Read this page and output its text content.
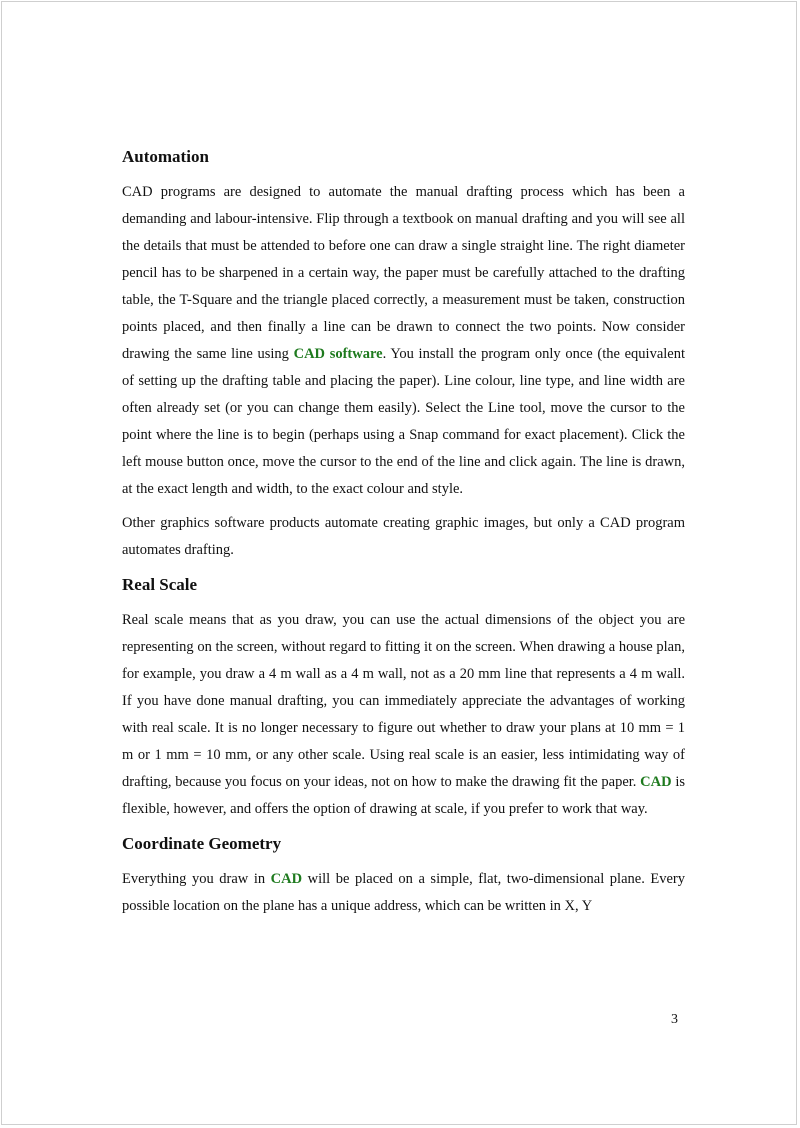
Automation

CAD programs are designed to automate the manual drafting process which has been a demanding and labour-intensive. Flip through a textbook on manual drafting and you will see all the details that must be attended to before one can draw a single straight line. The right diameter pencil has to be sharpened in a certain way, the paper must be carefully attached to the drafting table, the T-Square and the triangle placed correctly, a measurement must be taken, construction points placed, and then finally a line can be drawn to connect the two points. Now consider drawing the same line using CAD software. You install the program only once (the equivalent of setting up the drafting table and placing the paper). Line colour, line type, and line width are often already set (or you can change them easily). Select the Line tool, move the cursor to the point where the line is to begin (perhaps using a Snap command for exact placement). Click the left mouse button once, move the cursor to the end of the line and click again. The line is drawn, at the exact length and width, to the exact colour and style.

Other graphics software products automate creating graphic images, but only a CAD program automates drafting.

Real Scale

Real scale means that as you draw, you can use the actual dimensions of the object you are representing on the screen, without regard to fitting it on the screen. When drawing a house plan, for example, you draw a 4 m wall as a 4 m wall, not as a 20 mm line that represents a 4 m wall. If you have done manual drafting, you can immediately appreciate the advantages of working with real scale. It is no longer necessary to figure out whether to draw your plans at 10 mm = 1 m or 1 mm = 10 mm, or any other scale. Using real scale is an easier, less intimidating way of drafting, because you focus on your ideas, not on how to make the drawing fit the paper. CAD is flexible, however, and offers the option of drawing at scale, if you prefer to work that way.

Coordinate Geometry

Everything you draw in CAD will be placed on a simple, flat, two-dimensional plane. Every possible location on the plane has a unique address, which can be written in X, Y

3
